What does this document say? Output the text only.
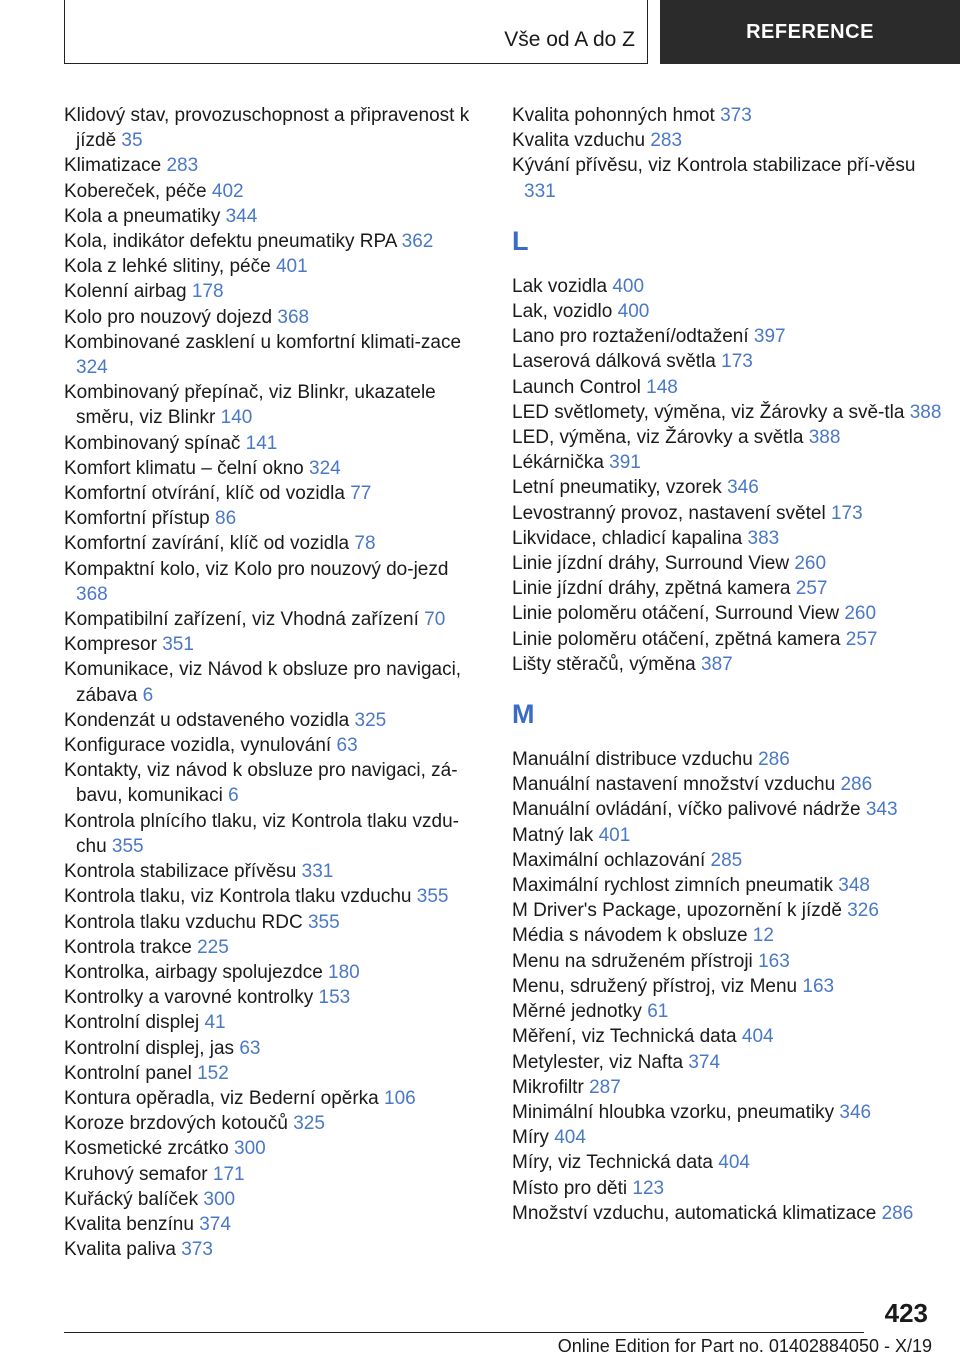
Vše od A do Z	REFERENCE
Klidový stav, provozuschopnost a připravenost k jízdě 35
Klimatizace 283
Kobereček, péče 402
Kola a pneumatiky 344
Kola, indikátor defektu pneumatiky RPA 362
Kola z lehké slitiny, péče 401
Kolenní airbag 178
Kolo pro nouzový dojezd 368
Kombinované zasklení u komfortní klimati-zace 324
Kombinovaný přepínač, viz Blinkr, ukazatele směru, viz Blinkr 140
Kombinovaný spínač 141
Komfort klimatu – čelní okno 324
Komfortní otvírání, klíč od vozidla 77
Komfortní přístup 86
Komfortní zavírání, klíč od vozidla 78
Kompaktní kolo, viz Kolo pro nouzový do-jezd 368
Kompatibilní zařízení, viz Vhodná zařízení 70
Kompresor 351
Komunikace, viz Návod k obsluze pro navigaci, zábava 6
Kondenzát u odstaveného vozidla 325
Konfigurace vozidla, vynulování 63
Kontakty, viz návod k obsluze pro navigaci, zá-bavu, komunikaci 6
Kontrola plnícího tlaku, viz Kontrola tlaku vzdu-chu 355
Kontrola stabilizace přívěsu 331
Kontrola tlaku, viz Kontrola tlaku vzduchu 355
Kontrola tlaku vzduchu RDC 355
Kontrola trakce 225
Kontrolka, airbagy spolujezdce 180
Kontrolky a varovné kontrolky 153
Kontrolní displej 41
Kontrolní displej, jas 63
Kontrolní panel 152
Kontura opěradla, viz Bederní opěrka 106
Koroze brzdových kotoučů 325
Kosmetické zrcátko 300
Kruhový semafor 171
Kuřácký balíček 300
Kvalita benzínu 374
Kvalita paliva 373
Kvalita pohonných hmot 373
Kvalita vzduchu 283
Kývání přívěsu, viz Kontrola stabilizace pří-věsu 331
L
Lak vozidla 400
Lak, vozidlo 400
Lano pro roztažení/odtažení 397
Laserová dálková světla 173
Launch Control 148
LED světlomety, výměna, viz Žárovky a svě-tla 388
LED, výměna, viz Žárovky a světla 388
Lékárnička 391
Letní pneumatiky, vzorek 346
Levostranný provoz, nastavení světel 173
Likvidace, chladicí kapalina 383
Linie jízdní dráhy, Surround View 260
Linie jízdní dráhy, zpětná kamera 257
Linie poloměru otáčení, Surround View 260
Linie poloměru otáčení, zpětná kamera 257
Lišty stěračů, výměna 387
M
Manuální distribuce vzduchu 286
Manuální nastavení množství vzduchu 286
Manuální ovládání, víčko palivové nádrže 343
Matný lak 401
Maximální ochlazování 285
Maximální rychlost zimních pneumatik 348
M Driver's Package, upozornění k jízdě 326
Média s návodem k obsluze 12
Menu na sdruženém přístroji 163
Menu, sdružený přístroj, viz Menu 163
Měrné jednotky 61
Měření, viz Technická data 404
Metylester, viz Nafta 374
Mikrofiltr 287
Minimální hloubka vzorku, pneumatiky 346
Míry 404
Míry, viz Technická data 404
Místo pro děti 123
Množství vzduchu, automatická klimatizace 286
423
Online Edition for Part no. 01402884050 - X/19
